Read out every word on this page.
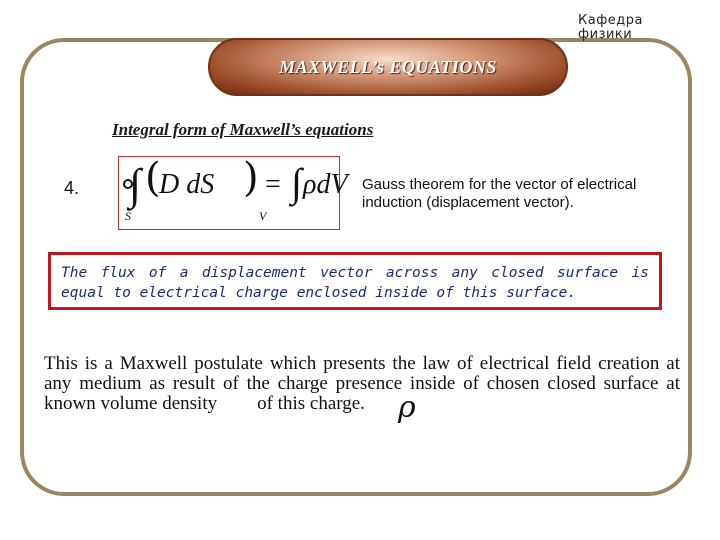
Кафедра
физики
MAXWELL’s EQUATIONS
Integral form of Maxwell’s equations
4. ∫ (
D dS ) = ∫ ρdV
S	V
Gauss theorem for the vector of electrical induction (displacement vector).

The flux of a displacement vector across any closed surface is equal to electrical charge enclosed inside of this surface.

This is a Maxwell postulate which presents the law of electrical field creation at any medium as result of the charge presence inside of chosen closed surface at known volume density of this charge.	ρ
